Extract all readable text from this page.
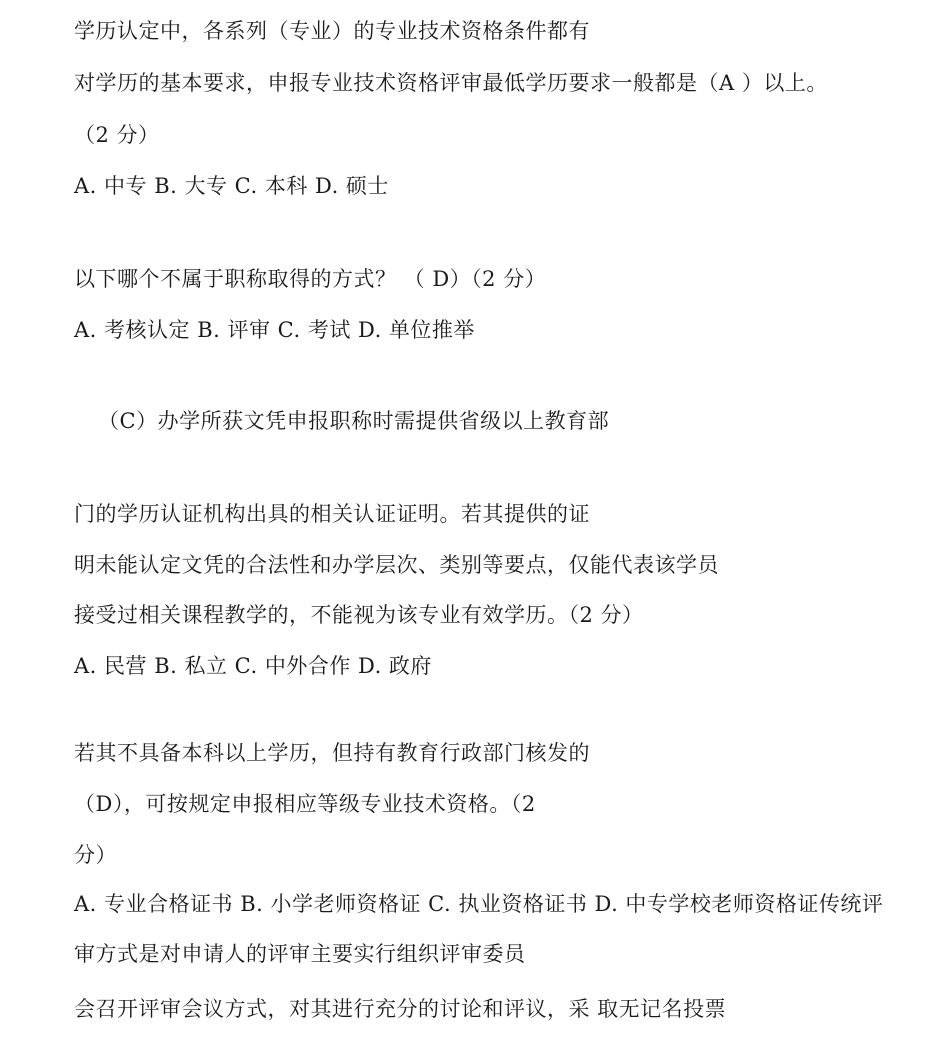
学历认定中，各系列（专业）的专业技术资格条件都有
对学历的基本要求，申报专业技术资格评审最低学历要求一般都是（A ）以上。
（2 分）
A. 中专 B. 大专 C. 本科 D. 硕士
以下哪个不属于职称取得的方式？ （ D）（2 分）
A. 考核认定 B. 评审 C. 考试 D. 单位推举
（C）办学所获文凭申报职称时需提供省级以上教育部
门的学历认证机构出具的相关认证证明。若其提供的证
明未能认定文凭的合法性和办学层次、类别等要点，仅能代表该学员
接受过相关课程教学的，不能视为该专业有效学历。（2 分）
A. 民营 B. 私立 C. 中外合作 D. 政府
若其不具备本科以上学历，但持有教育行政部门核发的
（D），可按规定申报相应等级专业技术资格。（2
分）
A. 专业合格证书 B. 小学老师资格证 C. 执业资格证书 D. 中专学校老师资格证传统评
审方式是对申请人的评审主要实行组织评审委员
会召开评审会议方式，对其进行充分的讨论和评议，采 取无记名投票
